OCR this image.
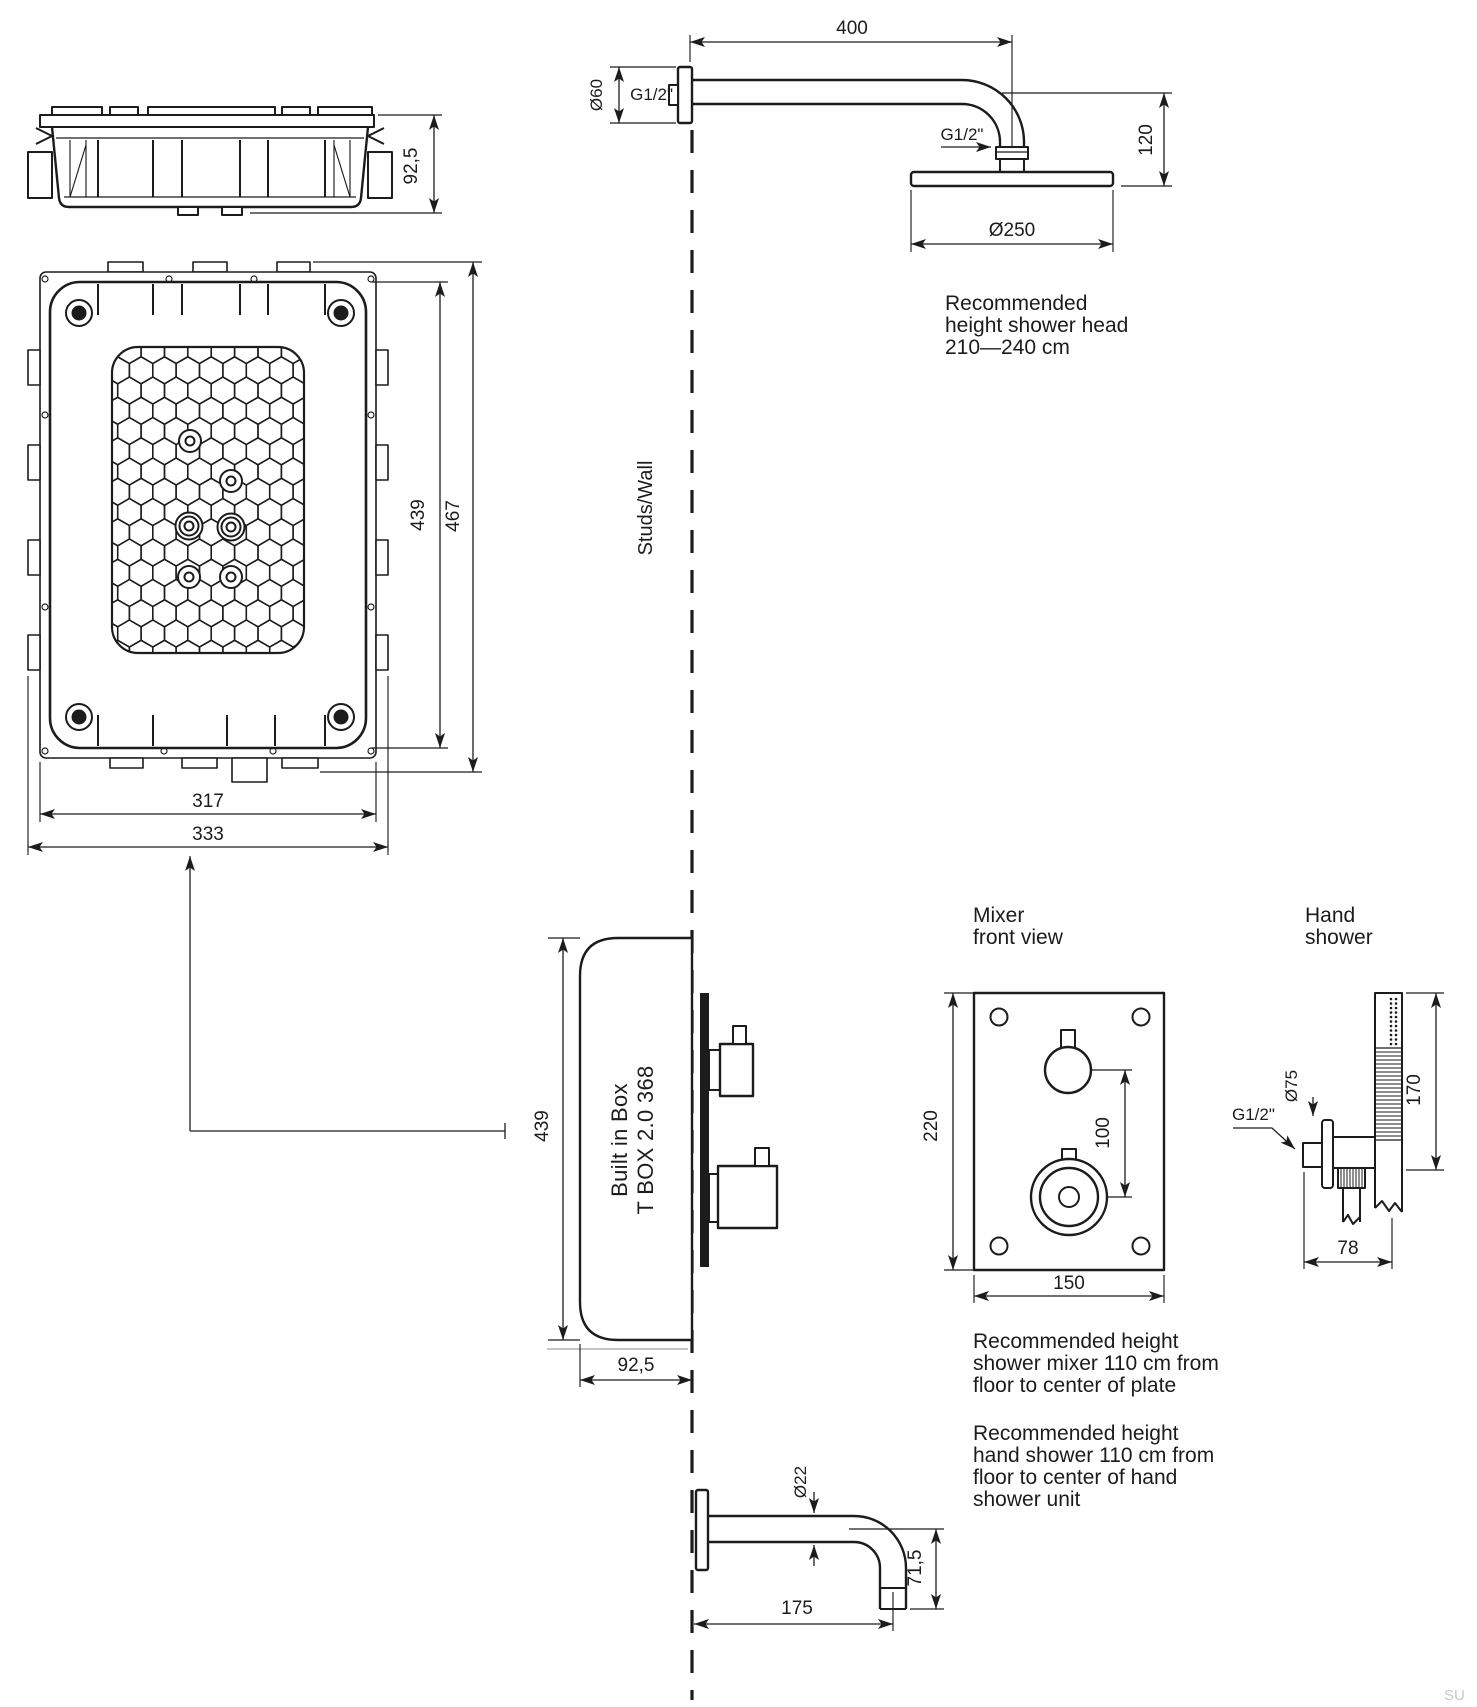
Studs/Wall
92,5
439 467
317
333
400
Ø60 G1/2"
G1/2"	120
Ø250
Recommended
height shower head
210—240 cm
Built in Box T BOX 2.0 368
439
92,5
Mixer
front view
220	100
150
Recommended height
shower mixer 110 cm from
floor to center of plate
Recommended height
hand shower 110 cm from
floor to center of hand
shower unit
Hand
shower
Ø75
G1/2"
170
78
Ø22
71,5
175
SU
